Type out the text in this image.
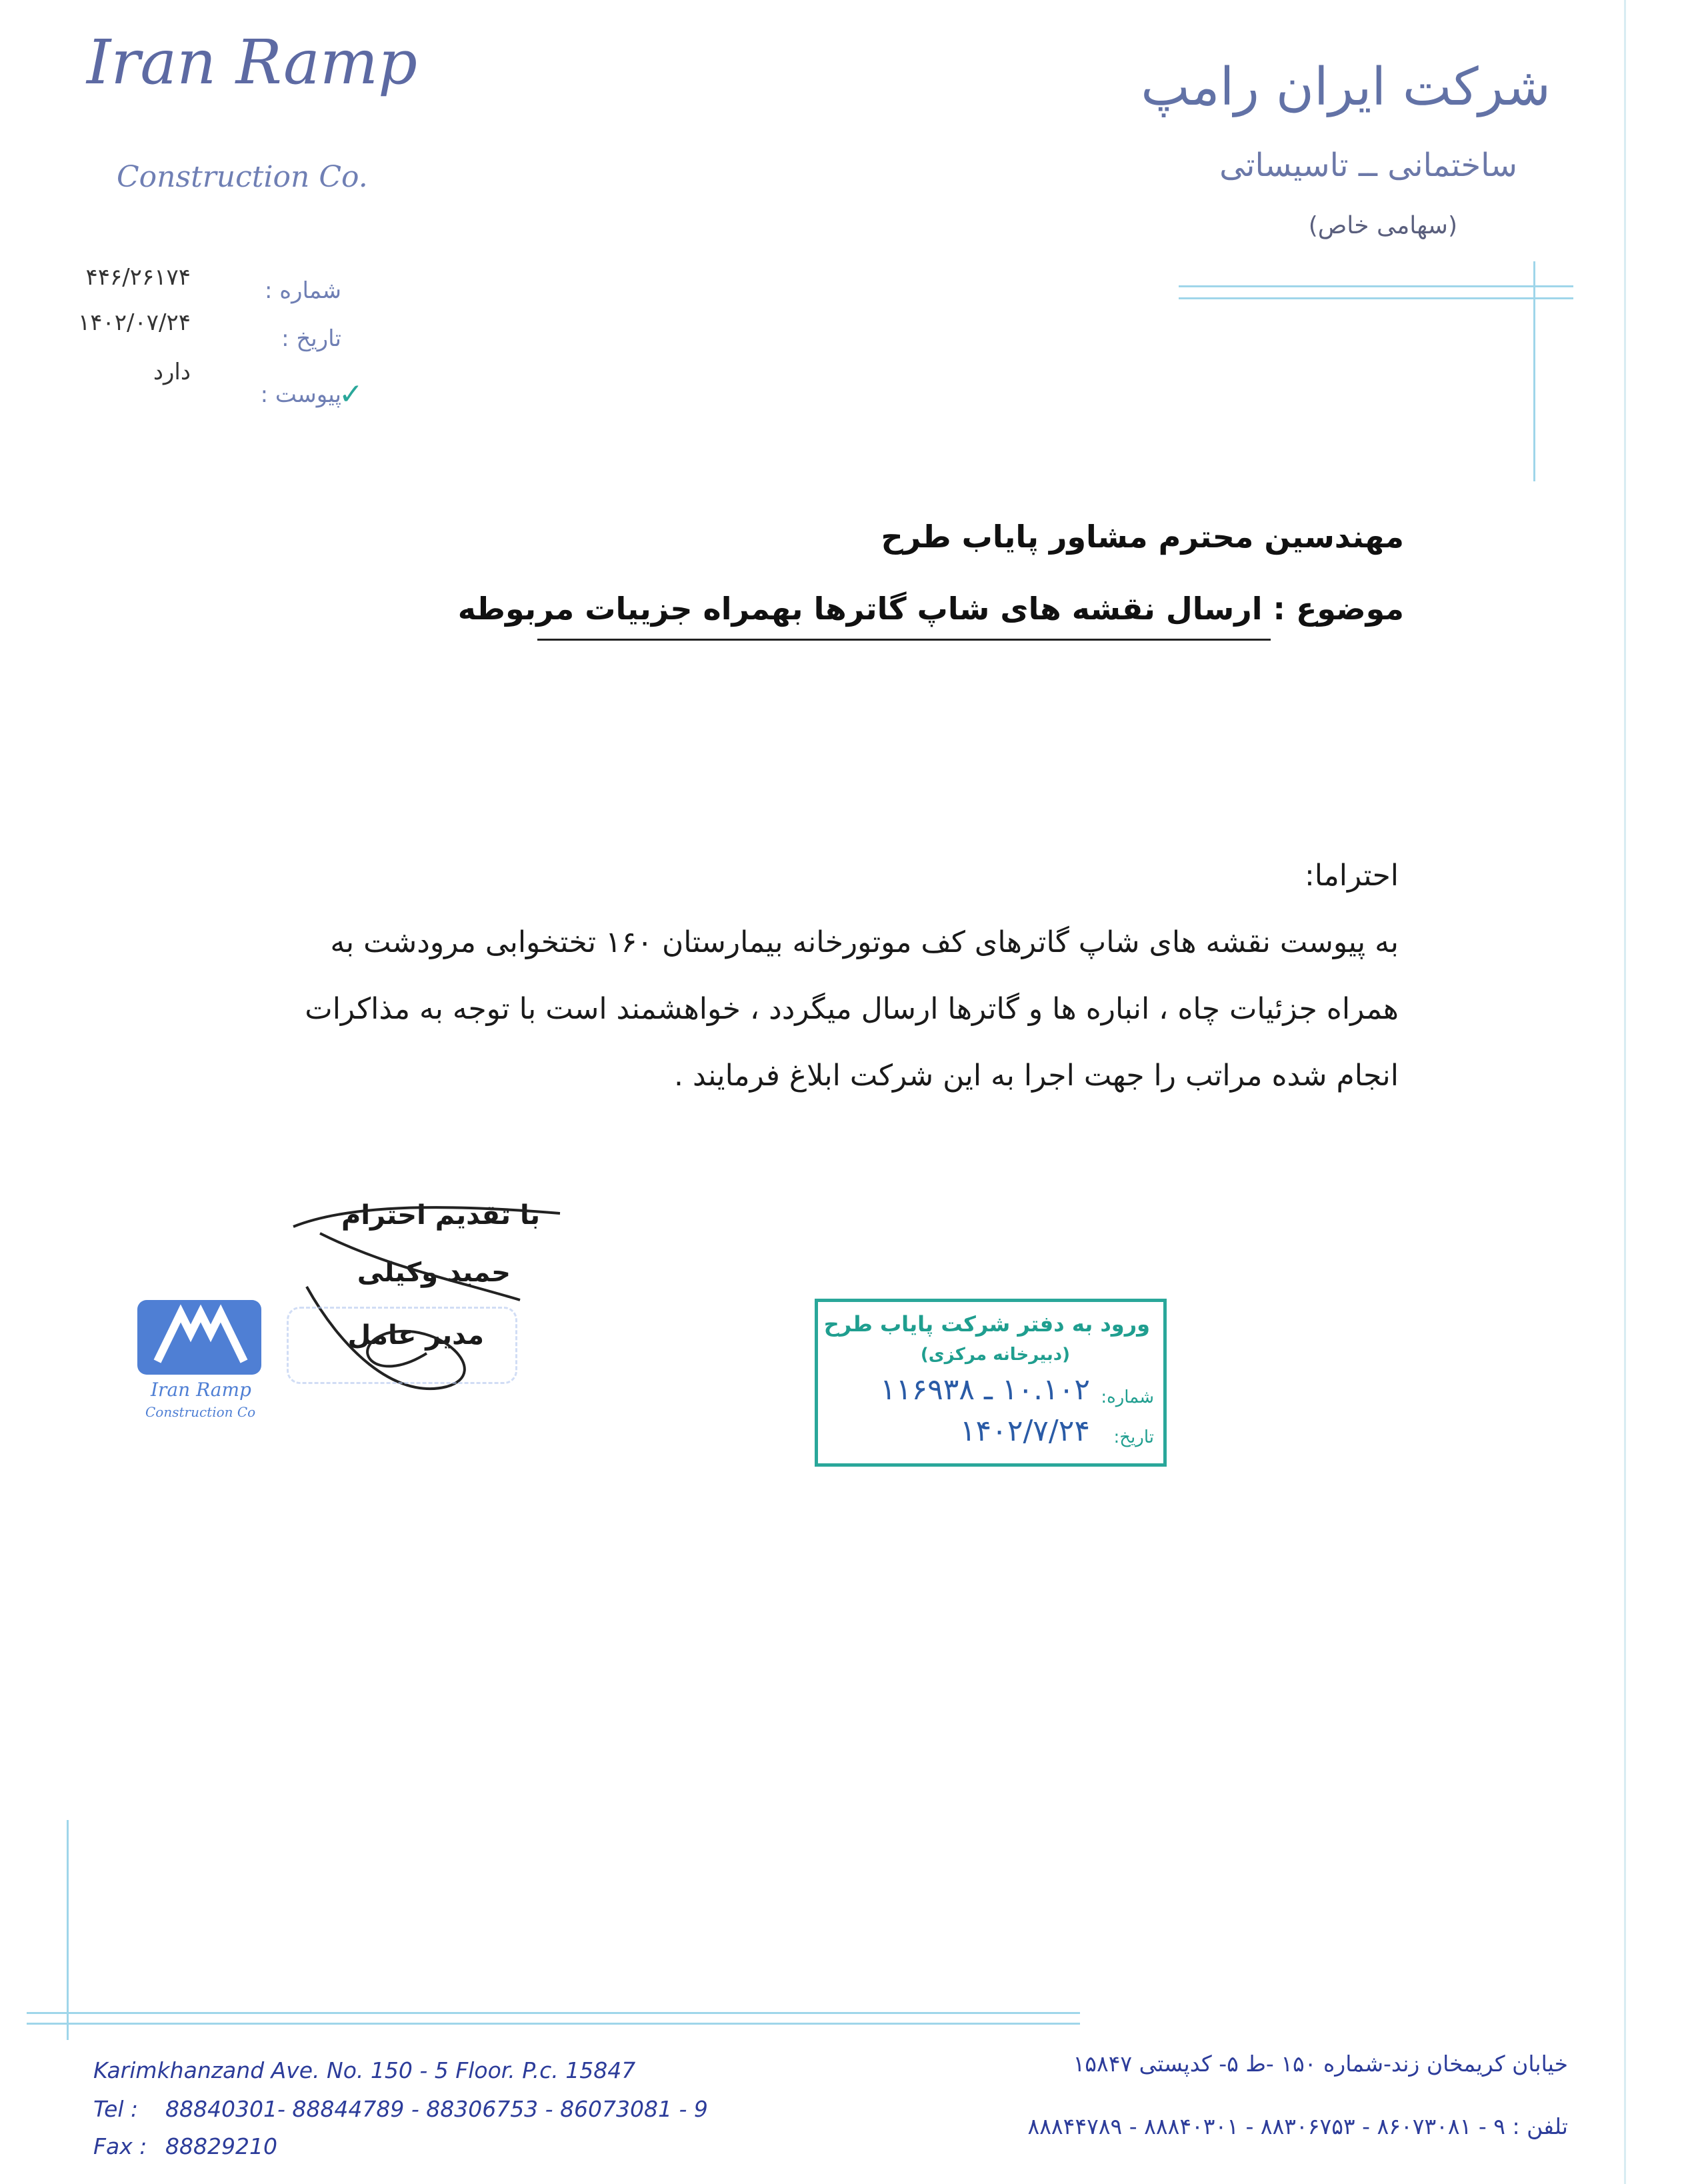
Iran Ramp
Construction Co.
شرکت ایران رامپ
ساختمانی ــ تاسیساتی
(سهامی خاص)
شماره :
تاریخ :
پیوست :
✓
۴۴۶/۲۶۱۷۴
۱۴۰۲/۰۷/۲۴
دارد
مهندسین محترم مشاور پایاب طرح
موضوع : ارسال نقشه های شاپ گاترها بهمراه جزییات مربوطه
احتراما:
به پیوست نقشه های شاپ گاترهای کف موتورخانه بیمارستان ۱۶۰ تختخوابی مرودشت به
همراه جزئیات چاه ، انباره ها و گاترها ارسال میگردد ، خواهشمند است با توجه به مذاکرات
انجام شده مراتب را جهت اجرا به این شرکت ابلاغ فرمایند .
با تقدیم احترام
حمید وکیلی
مدیر عامل
Iran Ramp
Construction Co
ورود به دفتر شرکت پایاب طرح
(دبیرخانه مرکزی)
شماره:
۱۰.۱۰۲ ـ ۱۱۶۹۳۸
تاریخ:
۱۴۰۲/۷/۲۴
Karimkhanzand Ave. No. 150 - 5 Floor. P.c. 15847
Tel : 88840301- 88844789 - 88306753 - 86073081 - 9
Fax : 88829210
خیابان کریمخان زند-شماره ۱۵۰ -ط ۵- کدپستی ۱۵۸۴۷
تلفن : ۹ - ۸۶۰۷۳۰۸۱ - ۸۸۳۰۶۷۵۳ - ۸۸۸۴۰۳۰۱ - ۸۸۸۴۴۷۸۹
